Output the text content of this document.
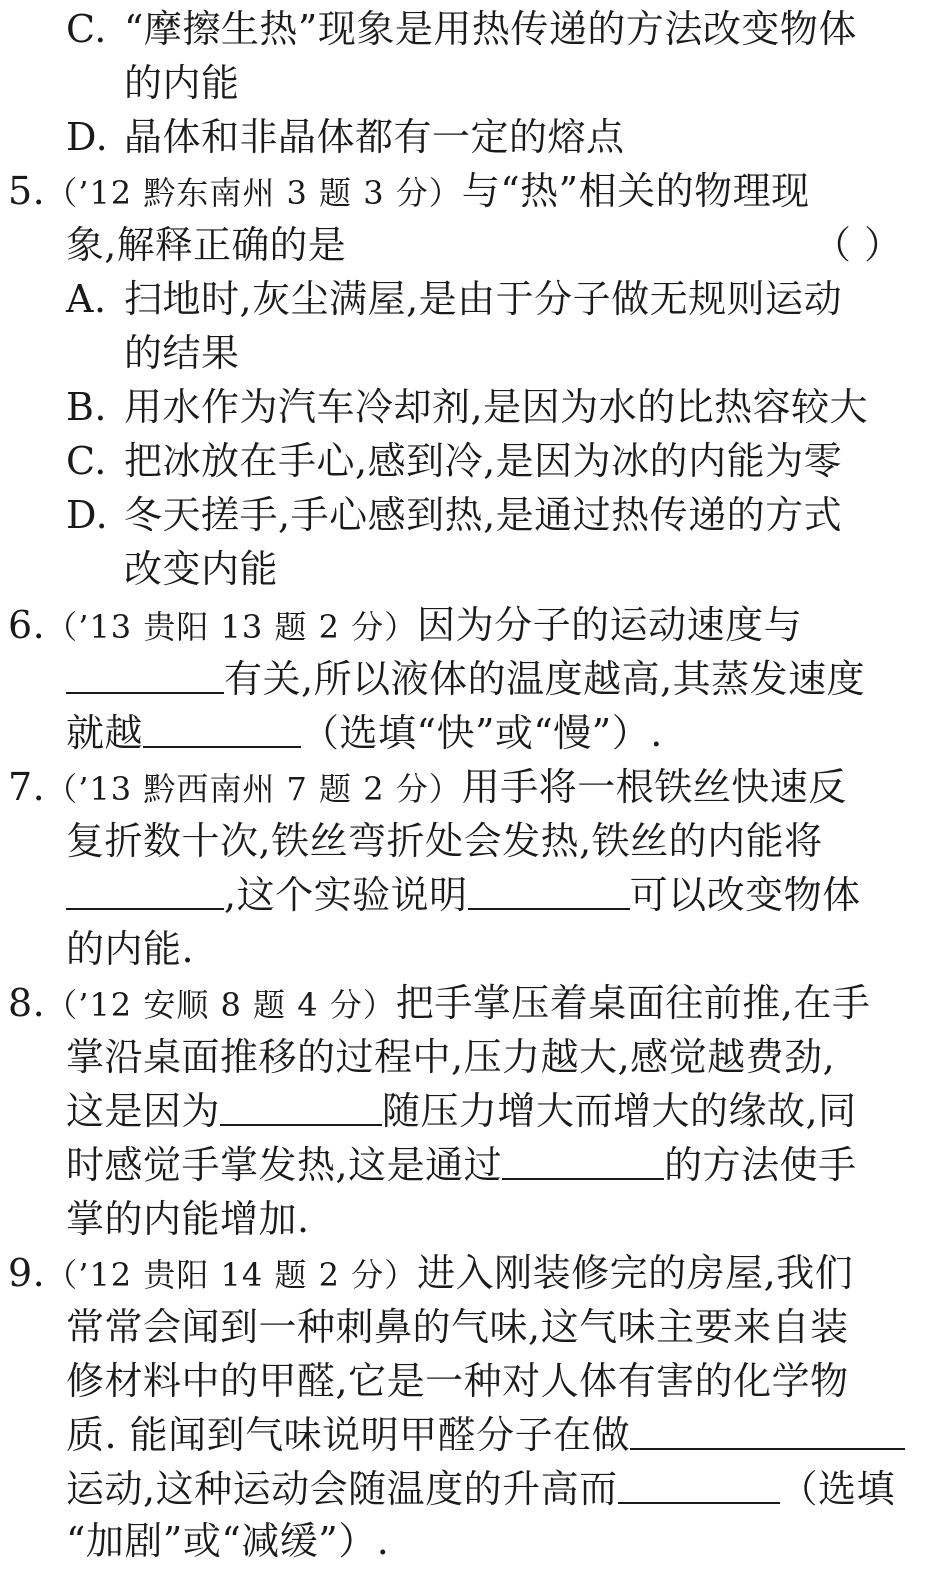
C. “摩擦生热”现象是用热传递的方法改变物体
的内能
D. 晶体和非晶体都有一定的熔点
5.（’12 黔东南州 3 题 3 分）与“热”相关的物理现
象,解释正确的是	（ ）
A. 扫地时,灰尘满屋,是由于分子做无规则运动
的结果
B. 用水作为汽车冷却剂,是因为水的比热容较大
C. 把冰放在手心,感到冷,是因为冰的内能为零
D. 冬天搓手,手心感到热,是通过热传递的方式
改变内能
6.（’13 贵阳 13 题 2 分）因为分子的运动速度与
有关,所以液体的温度越高,其蒸发速度
就越	（选填“快”或“慢”）.
7.（’13 黔西南州 7 题 2 分）用手将一根铁丝快速反
复折数十次,铁丝弯折处会发热,铁丝的内能将
,这个实验说明	可以改变物体
的内能.
8.（’12 安顺 8 题 4 分）把手掌压着桌面往前推,在手
掌沿桌面推移的过程中,压力越大,感觉越费劲,
这是因为	随压力增大而增大的缘故,同
时感觉手掌发热,这是通过	的方法使手
掌的内能增加.
9.（’12 贵阳 14 题 2 分）进入刚装修完的房屋,我们
常常会闻到一种刺鼻的气味,这气味主要来自装
修材料中的甲醛,它是一种对人体有害的化学物
质. 能闻到气味说明甲醛分子在做
运动,这种运动会随温度的升高而	（选填
“加剧”或“减缓”）.
